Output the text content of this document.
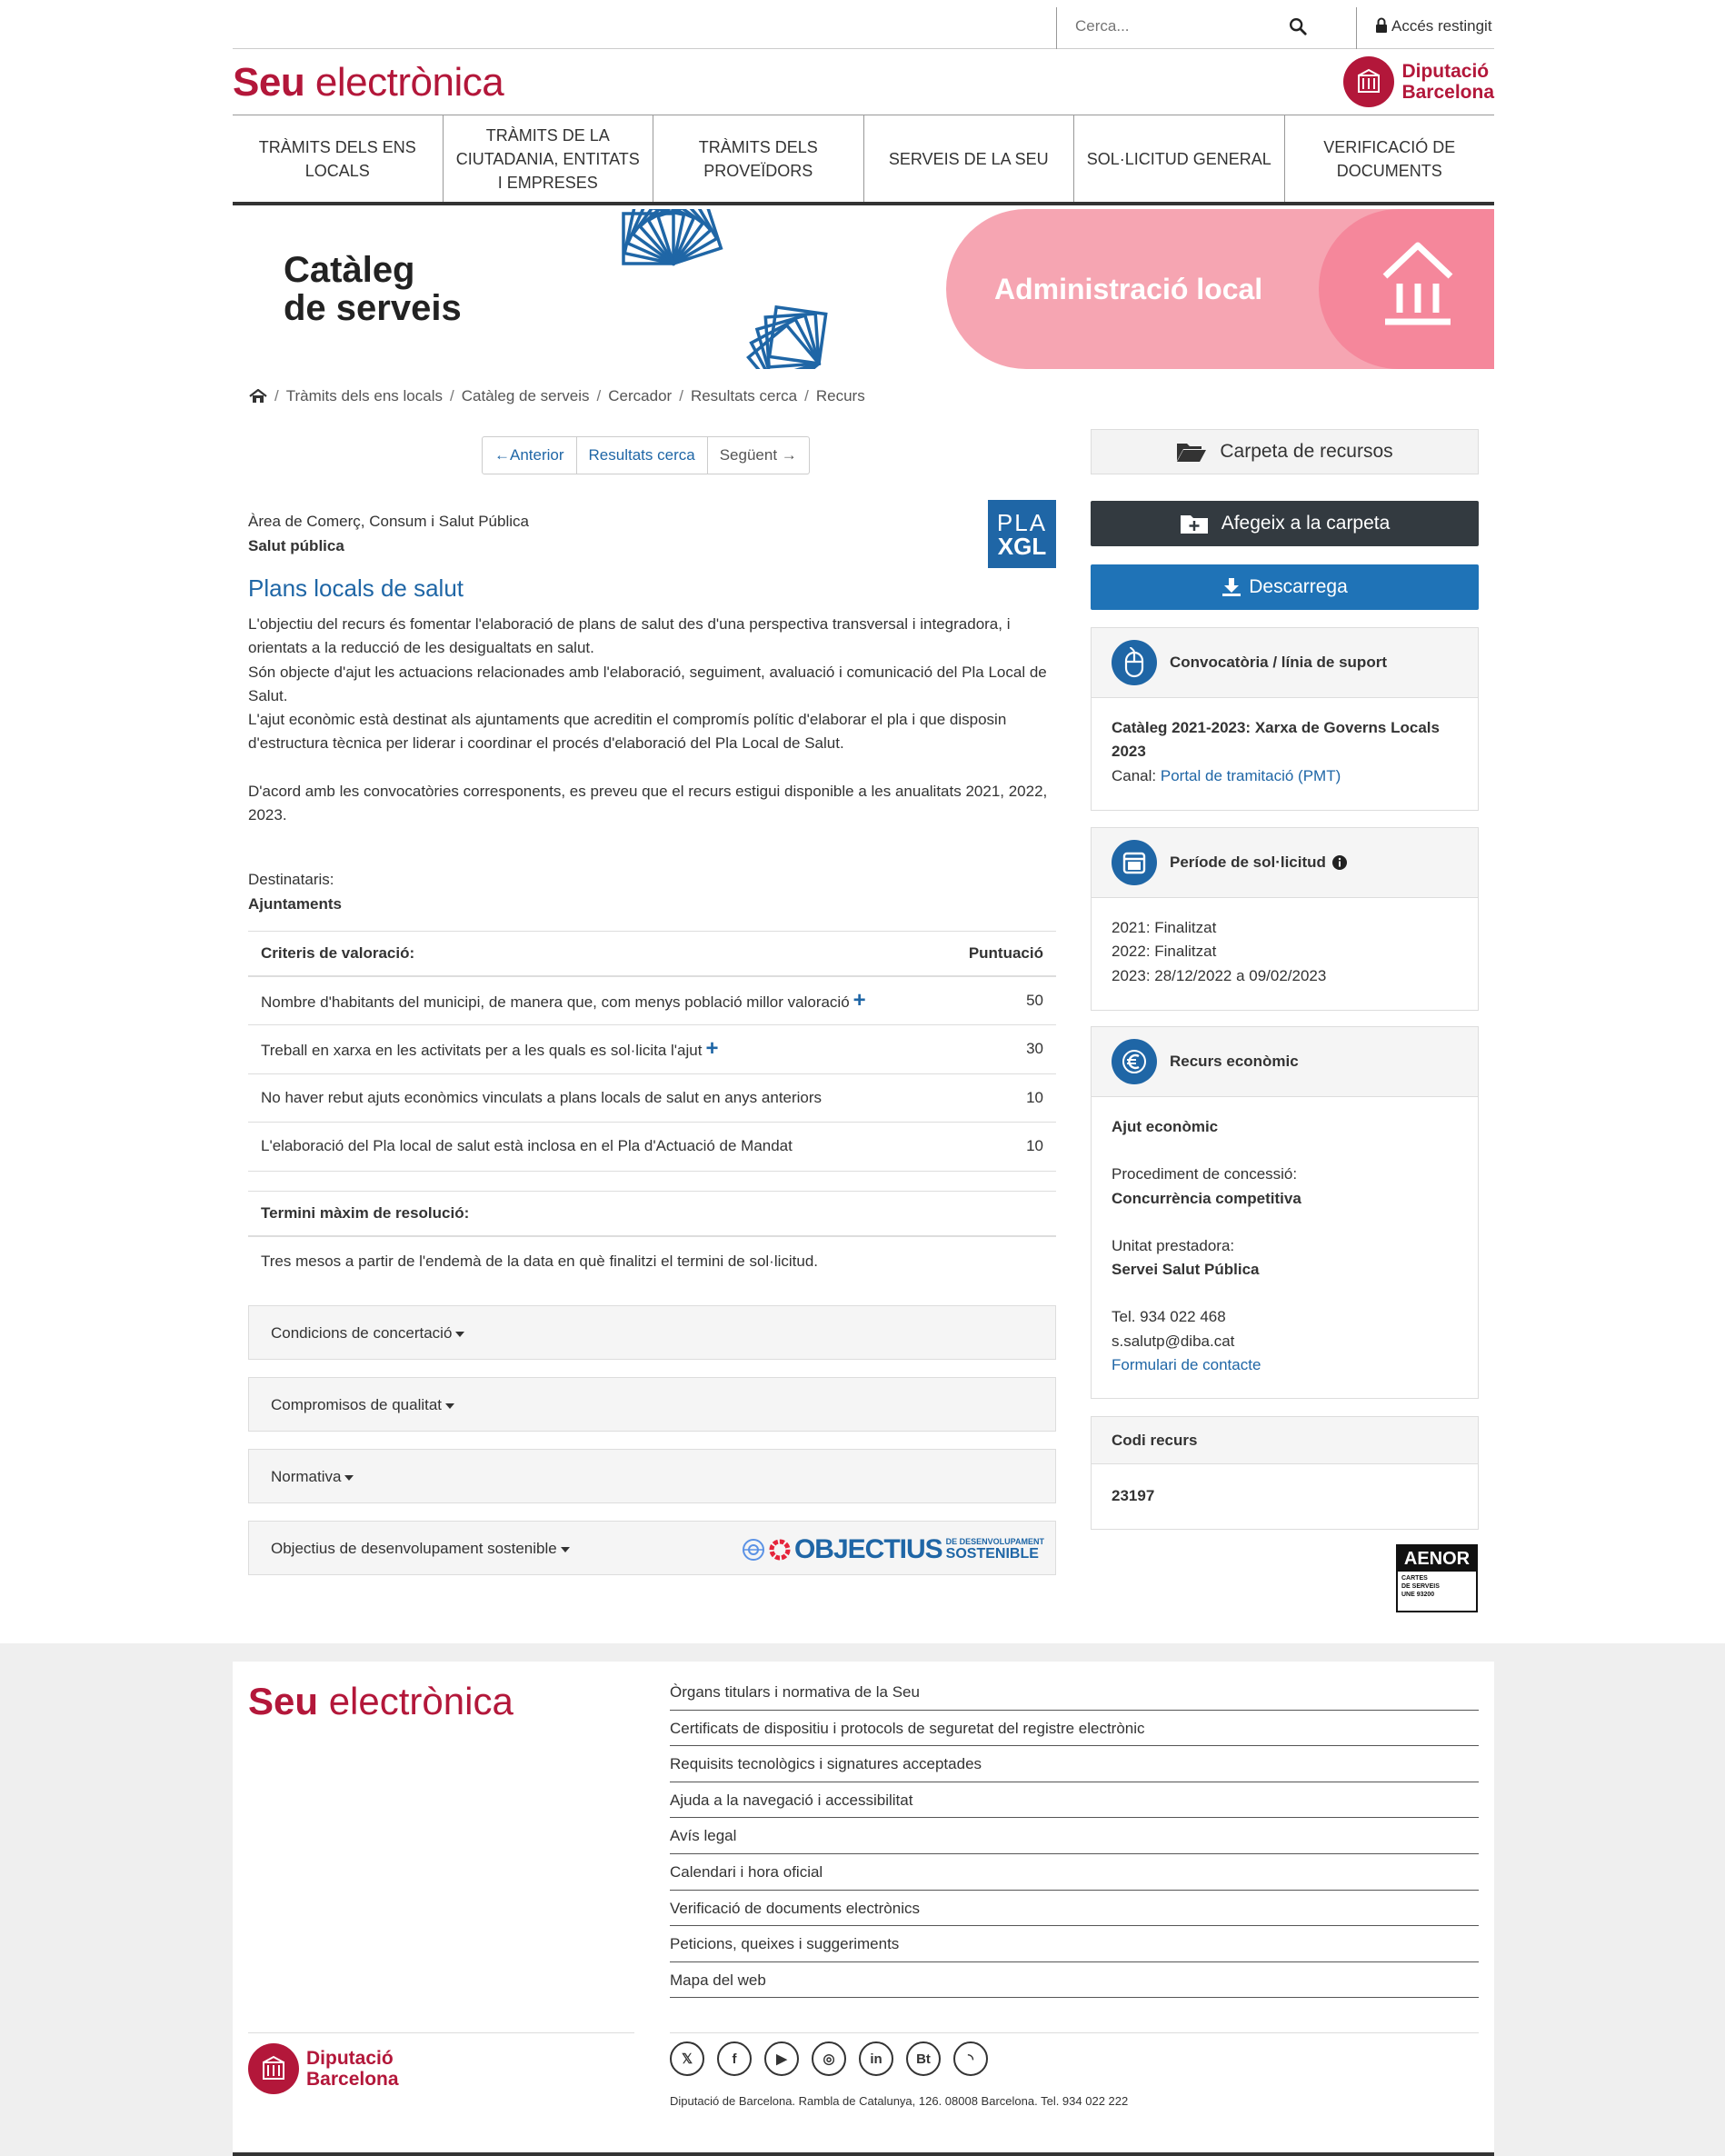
Cerca...
Accés restingit
Seu electrònica	Diputació
Barcelona
TRÀMITS DELS ENS LOCALS
TRÀMITS DE LA CIUTADANIA, ENTITATS I EMPRESES
TRÀMITS DELS PROVEÏDORS
SERVEIS DE LA SEU	SOL·LICITUD GENERAL
VERIFICACIÓ DE DOCUMENTS
Catàleg
de serveis	Administració local
/ Tràmits dels ens locals / Catàleg de serveis / Cercador / Resultats cerca / Recurs
←Anterior	Resultats cerca	Següent →
Àrea de Comerç, Consum i Salut Pública
Salut pública
PLA
XGL
Plans locals de salut

L'objectiu del recurs és fomentar l'elaboració de plans de salut des d'una perspectiva transversal i integradora, i orientats a la reducció de les desigualtats en salut.

Són objecte d'ajut les actuacions relacionades amb l'elaboració, seguiment, avaluació i comunicació del Pla Local de Salut.

L'ajut econòmic està destinat als ajuntaments que acreditin el compromís polític d'elaborar el pla i que disposin d'estructura tècnica per liderar i coordinar el procés d'elaboració del Pla Local de Salut.

D'acord amb les convocatòries corresponents, es preveu que el recurs estigui disponible a les anualitats 2021, 2022, 2023.

Destinataris:
Ajuntaments
Criteris de valoració:	Puntuació
Nombre d'habitants del municipi, de manera que, com menys població millor valoració +	50
Treball en xarxa en les activitats per a les quals es sol·licita l'ajut +	30
No haver rebut ajuts econòmics vinculats a plans locals de salut en anys anteriors	10
L'elaboració del Pla local de salut està inclosa en el Pla d'Actuació de Mandat	10
Termini màxim de resolució:
Tres mesos a partir de l'endemà de la data en què finalitzi el termini de sol·licitud.
Condicions de concertació
Compromisos de qualitat
Normativa
Objectius de desenvolupament sostenible	OBJECTIUS DE DESENVOLUPAMENT
SOSTENIBLE
Carpeta de recursos
Afegeix a la carpeta
Descarrega
Convocatòria / línia de suport
Catàleg 2021-2023: Xarxa de Governs Locals 2023
Canal: Portal de tramitació (PMT)
Període de sol·licitud
2021: Finalitzat
2022: Finalitzat
2023: 28/12/2022 a 09/02/2023
Recurs econòmic
Ajut econòmic
Procediment de concessió:
Concurrència competitiva
Unitat prestadora:
Servei Salut Pública
Tel. 934 022 468
s.salutp@diba.cat
Formulari de contacte
Codi recurs
23197
AENOR
CARTES
DE SERVEIS
UNE 93200
Seu electrònica	Òrgans titulars i normativa de la Seu
Certificats de dispositiu i protocols de seguretat del registre electrònic
Requisits tecnològics i signatures acceptades
Ajuda a la navegació i accessibilitat
Avís legal
Calendari i hora oficial
Verificació de documents electrònics
Peticions, queixes i suggeriments
Mapa del web
Diputació
Barcelona
𝕏	f	▶	◎	in	Bt	◝
Diputació de Barcelona. Rambla de Catalunya, 126. 08008 Barcelona. Tel. 934 022 222
